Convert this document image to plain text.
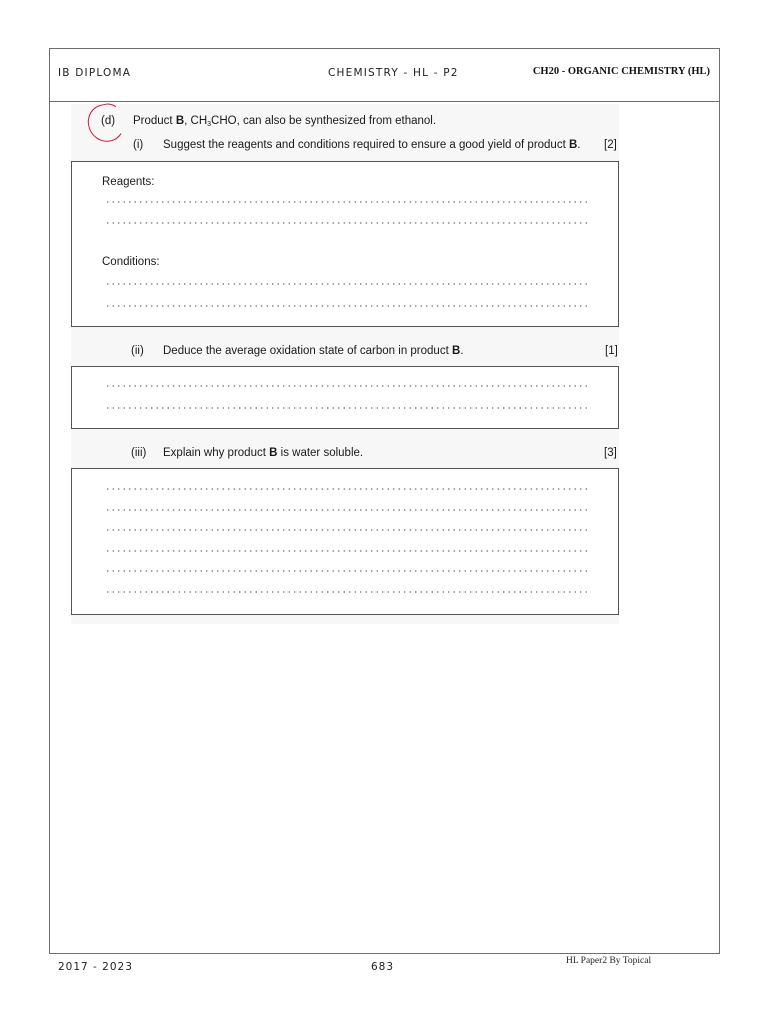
IB DIPLOMA	CHEMISTRY - HL - P2	CH20 - ORGANIC CHEMISTRY (HL)
(d) Product B, $CH_3CHO$, can also be synthesized from ethanol.
(i) Suggest the reagents and conditions required to ensure a good yield of product B. [2]
Reagents:
Conditions:
(ii) Deduce the average oxidation state of carbon in product B.	[1]
(iii) Explain why product B is water soluble.	[3]
2017 - 2023	683	HL Paper2 By Topical
